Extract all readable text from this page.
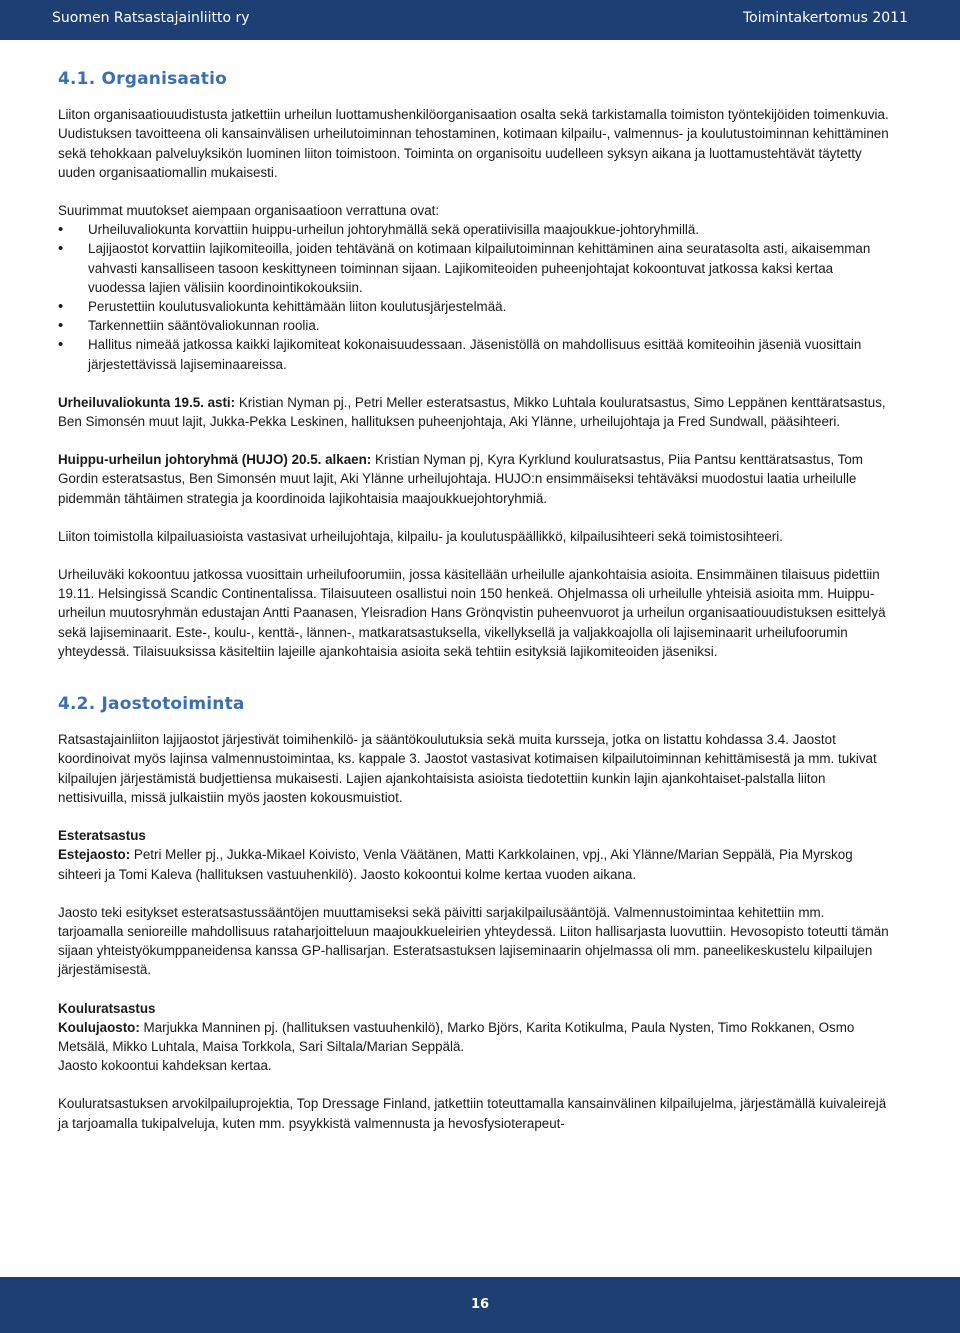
Suomen Ratsastajainliitto ry	Toimintakertomus 2011
4.1. Organisaatio

Liiton organisaatiouudistusta jatkettiin urheilun luottamushenkilöorganisaation osalta sekä tarkistamalla toimiston työntekijöiden toimenkuvia. Uudistuksen tavoitteena oli kansainvälisen urheilutoiminnan tehostaminen, kotimaan kilpailu-, valmennus- ja koulutustoiminnan kehittäminen sekä tehokkaan palveluyksikön luominen liiton toimistoon. Toiminta on organisoitu uudelleen syksyn aikana ja luottamustehtävät täytetty uuden organisaatiomallin mukaisesti.

Suurimmat muutokset aiempaan organisaatioon verrattuna ovat:

• Urheiluvaliokunta korvattiin huippu-urheilun johtoryhmällä sekä operatiivisilla maajoukkue-johtoryhmillä.
• Lajijaostot korvattiin lajikomiteoilla, joiden tehtävänä on kotimaan kilpailutoiminnan kehittäminen aina seuratasolta asti, aikaisemman vahvasti kansalliseen tasoon keskittyneen toiminnan sijaan. Lajikomiteoiden puheenjohtajat kokoontuvat jatkossa kaksi kertaa vuodessa lajien välisiin koordinointikokouksiin.
• Perustettiin koulutusvaliokunta kehittämään liiton koulutusjärjestelmää.
• Tarkennettiin sääntövaliokunnan roolia.
• Hallitus nimeää jatkossa kaikki lajikomiteat kokonaisuudessaan. Jäsenistöllä on mahdollisuus esittää komiteoihin jäseniä vuosittain järjestettävissä lajiseminaareissa.

Urheiluvaliokunta 19.5. asti: Kristian Nyman pj., Petri Meller esteratsastus, Mikko Luhtala kouluratsastus, Simo Leppänen kenttäratsastus, Ben Simonsén muut lajit, Jukka-Pekka Leskinen, hallituksen puheenjohtaja, Aki Ylänne, urheilujohtaja ja Fred Sundwall, pääsihteeri.

Huippu-urheilun johtoryhmä (HUJO) 20.5. alkaen: Kristian Nyman pj, Kyra Kyrklund kouluratsastus, Piia Pantsu kenttäratsastus, Tom Gordin esteratsastus, Ben Simonsén muut lajit, Aki Ylänne urheilujohtaja. HUJO:n ensimmäiseksi tehtäväksi muodostui laatia urheilulle pidemmän tähtäimen strategia ja koordinoida lajikohtaisia maajoukkuejohtoryhmiä.

Liiton toimistolla kilpailuasioista vastasivat urheilujohtaja, kilpailu- ja koulutuspäällikkö, kilpailusihteeri sekä toimistosihteeri.

Urheiluväki kokoontuu jatkossa vuosittain urheilufoorumiin, jossa käsitellään urheilulle ajankohtaisia asioita. Ensimmäinen tilaisuus pidettiin 19.11. Helsingissä Scandic Continentalissa. Tilaisuuteen osallistui noin 150 henkeä. Ohjelmassa oli urheilulle yhteisiä asioita mm. Huippu-urheilun muutosryhmän edustajan Antti Paanasen, Yleisradion Hans Grönqvistin puheenvuorot ja urheilun organisaatiouudistuksen esittelyä sekä lajiseminaarit. Este-, koulu-, kenttä-, lännen-, matkaratsastuksella, vikellyksellä ja valjakkoajolla oli lajiseminaarit urheilufoorumin yhteydessä. Tilaisuuksissa käsiteltiin lajeille ajankohtaisia asioita sekä tehtiin esityksiä lajikomiteoiden jäseniksi.

4.2. Jaostotoiminta

Ratsastajainliiton lajijaostot järjestivät toimihenkilö- ja sääntökoulutuksia sekä muita kursseja, jotka on listattu kohdassa 3.4. Jaostot koordinoivat myös lajinsa valmennustoimintaa, ks. kappale 3. Jaostot vastasivat kotimaisen kilpailutoiminnan kehittämisestä ja mm. tukivat kilpailujen järjestämistä budjettiensa mukaisesti. Lajien ajankohtaisista asioista tiedotettiin kunkin lajin ajankohtaiset-palstalla liiton nettisivuilla, missä julkaistiin myös jaosten kokousmuistiot.

Esteratsastus
Estejaosto: Petri Meller pj., Jukka-Mikael Koivisto, Venla Väätänen, Matti Karkkolainen, vpj., Aki Ylänne/Marian Seppälä, Pia Myrskog sihteeri ja Tomi Kaleva (hallituksen vastuuhenkilö). Jaosto kokoontui kolme kertaa vuoden aikana.

Jaosto teki esitykset esteratsastussääntöjen muuttamiseksi sekä päivitti sarjakilpailusääntöjä. Valmennustoimintaa kehitettiin mm. tarjoamalla senioreille mahdollisuus rataharjoitteluun maajoukkueleirien yhteydessä. Liiton hallisarjasta luovuttiin. Hevosopisto toteutti tämän sijaan yhteistyökumppaneidensa kanssa GP-hallisarjan. Esteratsastuksen lajiseminaarin ohjelmassa oli mm. paneelikeskustelu kilpailujen järjestämisestä.

Kouluratsastus
Koulujaosto: Marjukka Manninen pj. (hallituksen vastuuhenkilö), Marko Björs, Karita Kotikulma, Paula Nysten, Timo Rokkanen, Osmo Metsälä, Mikko Luhtala, Maisa Torkkola, Sari Siltala/Marian Seppälä.
Jaosto kokoontui kahdeksan kertaa.

Kouluratsastuksen arvokilpailuprojektia, Top Dressage Finland, jatkettiin toteuttamalla kansainvälinen kilpailujelma, järjestämällä kuivaleirejä ja tarjoamalla tukipalveluja, kuten mm. psyykkistä valmennusta ja hevosfysioterapeut-

16
